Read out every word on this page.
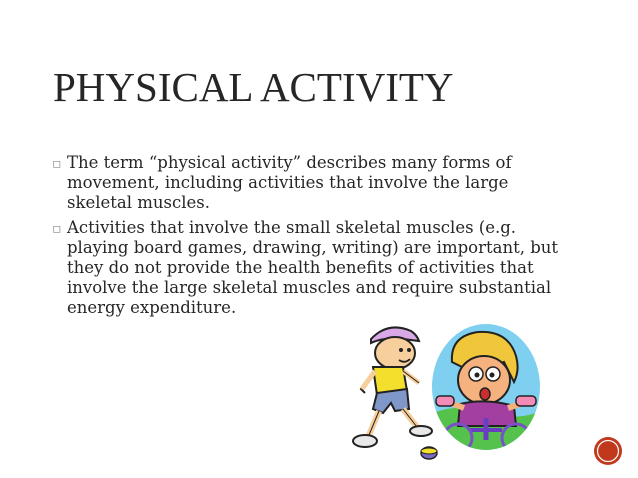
PHYSICAL ACTIVITY
▫ The term “physical activity” describes many forms of movement, including activities that involve the large skeletal muscles.
▫ Activities that involve the small skeletal muscles (e.g. playing board games, drawing, writing) are important, but they do not provide the health benefits of activities that involve the large skeletal muscles and require substantial energy expenditure.
